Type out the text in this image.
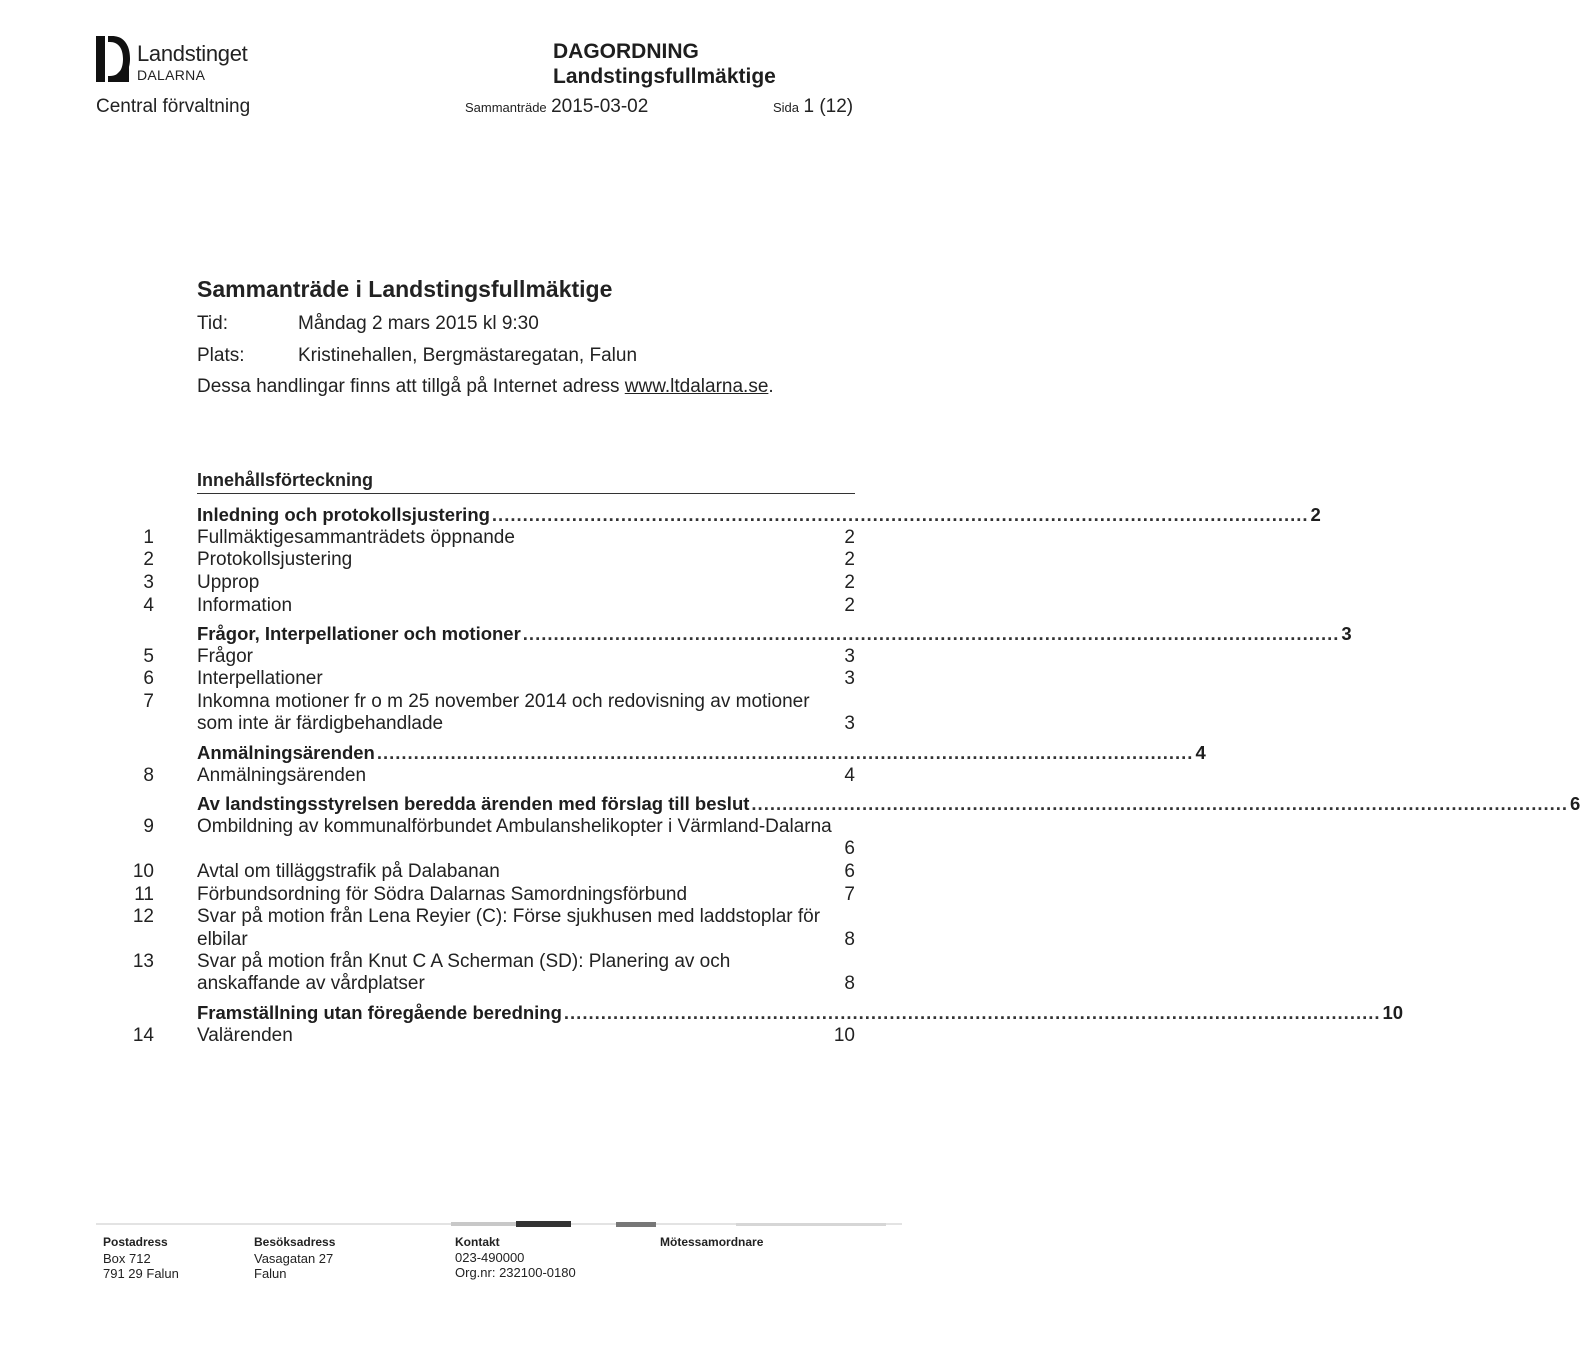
Landstinget
DALARNA
Central förvaltning
DAGORDNING
Landstingsfullmäktige
Sammanträde 2015-03-02	Sida 1 (12)
Sammanträde i Landstingsfullmäktige
Tid:	Måndag 2 mars 2015 kl 9:30
Plats:	Kristinehallen, Bergmästaregatan, Falun
Dessa handlingar finns att tillgå på Internet adress www.ltdalarna.se.
Innehållsförteckning
Inledning och protokollsjustering ..................................................................................................................................... 2
1 Fullmäktigesammanträdets öppnande	2
2 Protokollsjustering	2
3 Upprop	2
4 Information	2
Frågor, Interpellationer och motioner ..................................................................................................................................... 3
5 Frågor	3
6 Interpellationer	3
7 Inkomna motioner fr o m 25 november 2014 och redovisning av motioner
som inte är färdigbehandlade	3
Anmälningsärenden ..................................................................................................................................... 4
8 Anmälningsärenden	4
Av landstingsstyrelsen beredda ärenden med förslag till beslut ..................................................................................................................................... 6
9 Ombildning av kommunalförbundet Ambulanshelikopter i Värmland-Dalarna
6
10 Avtal om tilläggstrafik på Dalabanan	6
11 Förbundsordning för Södra Dalarnas Samordningsförbund	7
12 Svar på motion från Lena Reyier (C): Förse sjukhusen med laddstoplar för
elbilar	8
13 Svar på motion från Knut C A Scherman (SD): Planering av och
anskaffande av vårdplatser	8
Framställning utan föregående beredning ..................................................................................................................................... 10
14 Valärenden	10
Postadress
Box 712
791 29 Falun
Besöksadress
Vasagatan 27
Falun
Kontakt
023-490000
Org.nr: 232100-0180
Mötessamordnare
